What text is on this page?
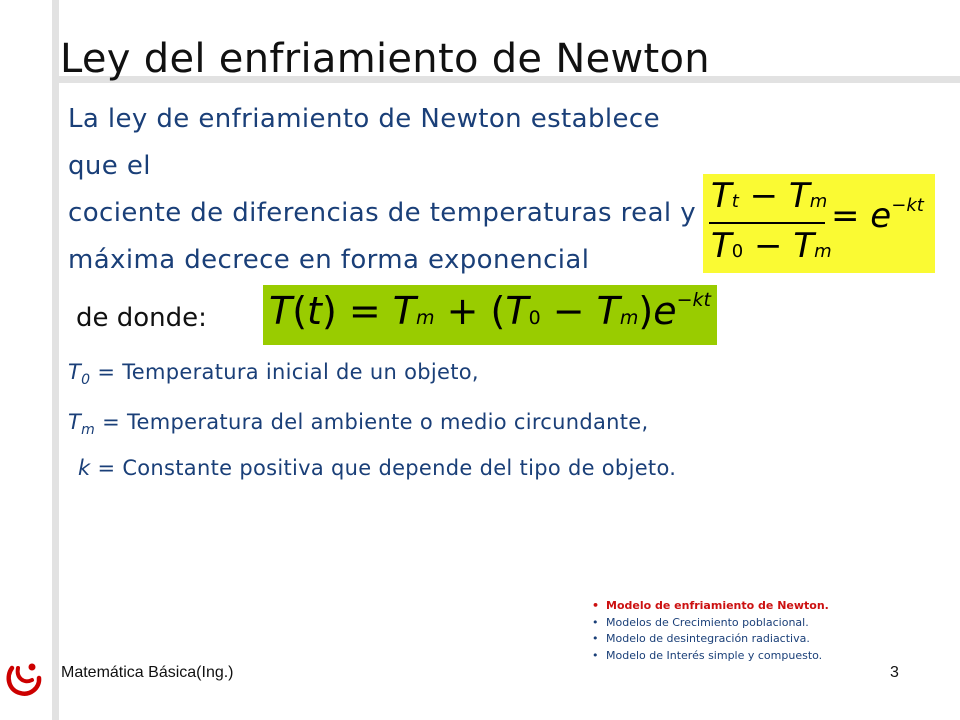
Ley del enfriamiento de Newton
La ley de enfriamiento de Newton establece que el
cociente de diferencias de temperaturas real y
máxima decrece en forma exponencial
Tt − Tm
T0 − Tm
= $e^{-kt}$
de donde: $T(t) = Tm + (T0 - Tm)e^{-kt}$
$T_0$ = Temperatura inicial de un objeto,
$T_m$ = Temperatura del ambiente o medio circundante,
k = Constante positiva que depende del tipo de objeto.
• Modelo de enfriamiento de Newton.
• Modelos de Crecimiento poblacional.
• Modelo de desintegración radiactiva.
• Modelo de Interés simple y compuesto.
Matemática Básica(Ing.)	3
